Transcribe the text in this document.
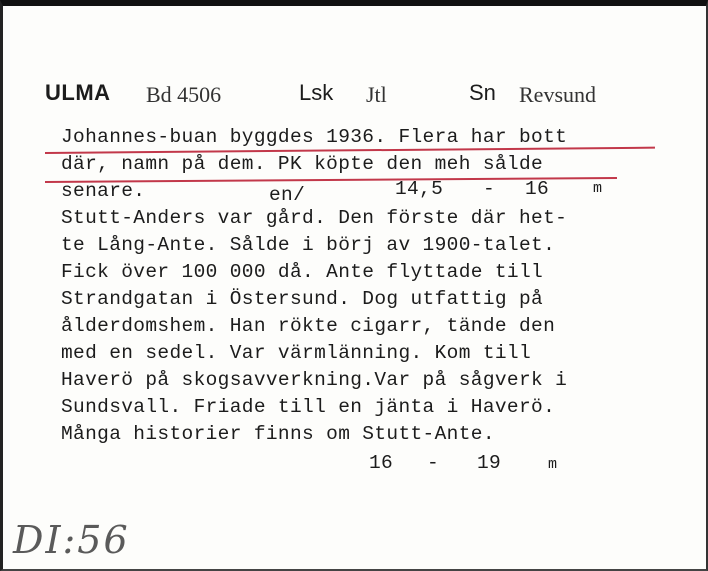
ULMA Bd 4506	Lsk Jtl	Sn Revsund
Johannes-buan byggdes 1936. Flera har bott
där, namn på dem. PK köpte den meh sålde
senare.	en/	14,5 - 16	m
Stutt-Anders var gård. Den förste där het-
te Lång-Ante. Sålde i börj av 1900-talet.
Fick över 100 000 då. Ante flyttade till
Strandgatan i Östersund. Dog utfattig på
ålderdomshem. Han rökte cigarr, tände den
med en sedel. Var värmlänning. Kom till
Haverö på skogsavverkning.Var på sågverk i
Sundsvall. Friade till en jänta i Haverö.
Många historier finns om Stutt-Ante.
16 - 19	m
DI:56
